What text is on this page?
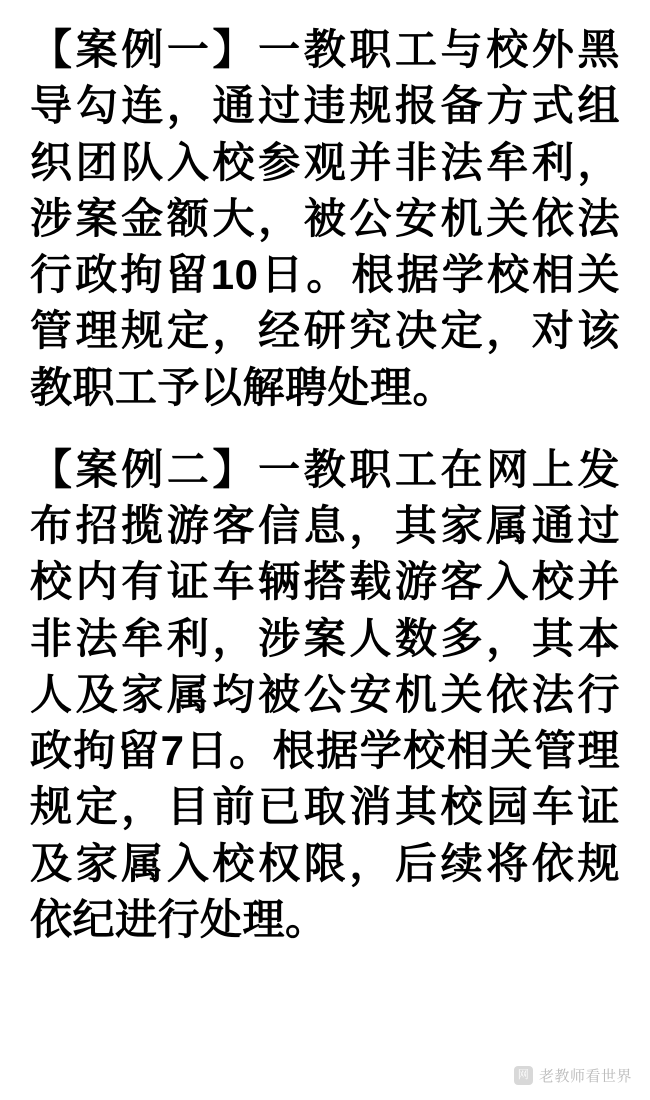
【案例一】一教职工与校外黑导勾连，通过违规报备方式组织团队入校参观并非法牟利，涉案金额大，被公安机关依法行政拘留10日。根据学校相关管理规定，经研究决定，对该教职工予以解聘处理。

【案例二】一教职工在网上发布招揽游客信息，其家属通过校内有证车辆搭载游客入校并非法牟利，涉案人数多，其本人及家属均被公安机关依法行政拘留7日。根据学校相关管理规定，目前已取消其校园车证及家属入校权限，后续将依规依纪进行处理。

网 老教师看世界
